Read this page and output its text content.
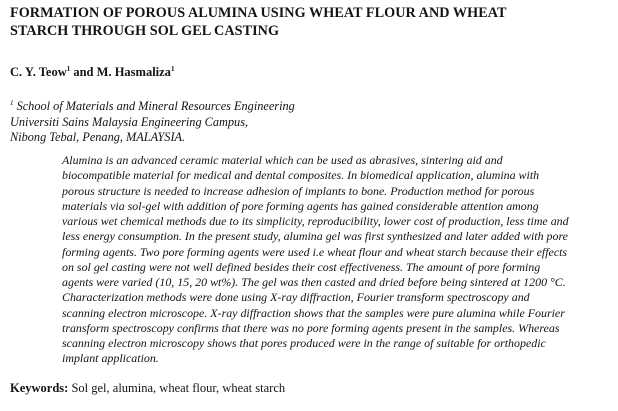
FORMATION OF POROUS ALUMINA USING WHEAT FLOUR AND WHEAT
STARCH THROUGH SOL GEL CASTING
C. Y. Teow$^1$ and M. Hasmaliza$^1$
$^1$ School of Materials and Mineral Resources Engineering
Universiti Sains Malaysia Engineering Campus,
Nibong Tebal, Penang, MALAYSIA.
Alumina is an advanced ceramic material which can be used as abrasives, sintering aid and
biocompatible material for medical and dental composites. In biomedical application, alumina with
porous structure is needed to increase adhesion of implants to bone. Production method for porous
materials via sol-gel with addition of pore forming agents has gained considerable attention among
various wet chemical methods due to its simplicity, reproducibility, lower cost of production, less time and
less energy consumption. In the present study, alumina gel was first synthesized and later added with pore
forming agents. Two pore forming agents were used i.e wheat flour and wheat starch because their effects
on sol gel casting were not well defined besides their cost effectiveness. The amount of pore forming
agents were varied (10, 15, 20 wt%). The gel was then casted and dried before being sintered at 1200 °C.
Characterization methods were done using X-ray diffraction, Fourier transform spectroscopy and
scanning electron microscope. X-ray diffraction shows that the samples were pure alumina while Fourier
transform spectroscopy confirms that there was no pore forming agents present in the samples. Whereas
scanning electron microscopy shows that pores produced were in the range of suitable for orthopedic
implant application.
Keywords: Sol gel, alumina, wheat flour, wheat starch
